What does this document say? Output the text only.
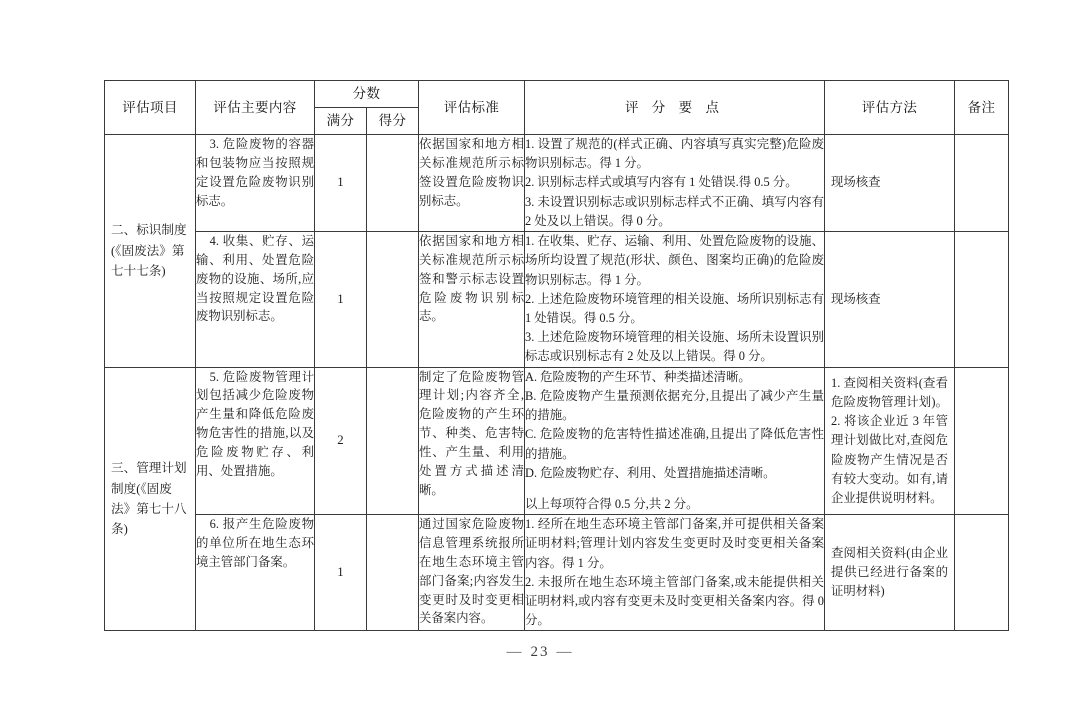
评估项目	评估主要内容	分数		评估标准	评 分 要 点	评估方法	备注
		满分	得分				
二、标识制度(《固废法》第七十七条)	3. 危险废物的容器和包装物应当按照规定设置危险废物识别标志。	1		依据国家和地方相关标准规范所示标签设置危险废物识别标志。	1. 设置了规范的(样式正确、内容填写真实完整)危险废物识别标志。得 1 分。

2. 识别标志样式或填写内容有 1 处错误.得 0.5 分。

3. 未设置识别标志或识别标志样式不正确、填写内容有 2 处及以上错误。得 0 分。	现场核查	
	4. 收集、贮存、运输、利用、处置危险废物的设施、场所,应当按照规定设置危险废物识别标志。	1		依据国家和地方相关标准规范所示标签和警示标志设置危险废物识别标志。	1. 在收集、贮存、运输、利用、处置危险废物的设施、场所均设置了规范(形状、颜色、图案均正确)的危险废物识别标志。得 1 分。

2. 上述危险废物环境管理的相关设施、场所识别标志有 1 处错误。得 0.5 分。

3. 上述危险废物环境管理的相关设施、场所未设置识别标志或识别标志有 2 处及以上错误。得 0 分。	现场核查	
三、管理计划制度(《固废法》第七十八条)	5. 危险废物管理计划包括减少危险废物产生量和降低危险废物危害性的措施,以及危险废物贮存、利用、处置措施。	2		制定了危险废物管理计划;内容齐全,危险废物的产生环节、种类、危害特性、产生量、利用处置方式描述清晰。	A. 危险废物的产生环节、种类描述清晰。

B. 危险废物产生量预测依据充分,且提出了减少产生量的措施。

C. 危险废物的危害特性描述准确,且提出了降低危害性的措施。

D. 危险废物贮存、利用、处置措施描述清晰。

以上每项符合得 0.5 分,共 2 分。	1. 查阅相关资料(查看危险废物管理计划)。2. 将该企业近 3 年管理计划做比对,查阅危险废物产生情况是否有较大变动。如有,请企业提供说明材料。	
	6. 报产生危险废物的单位所在地生态环境主管部门备案。	1		通过国家危险废物信息管理系统报所在地生态环境主管部门备案;内容发生变更时及时变更相关备案内容。	1. 经所在地生态环境主管部门备案,并可提供相关备案证明材料;管理计划内容发生变更时及时变更相关备案内容。得 1 分。

2. 未报所在地生态环境主管部门备案,或未能提供相关证明材料,或内容有变更未及时变更相关备案内容。得 0 分。	查阅相关资料(由企业提供已经进行备案的证明材料)	
— 23 —
